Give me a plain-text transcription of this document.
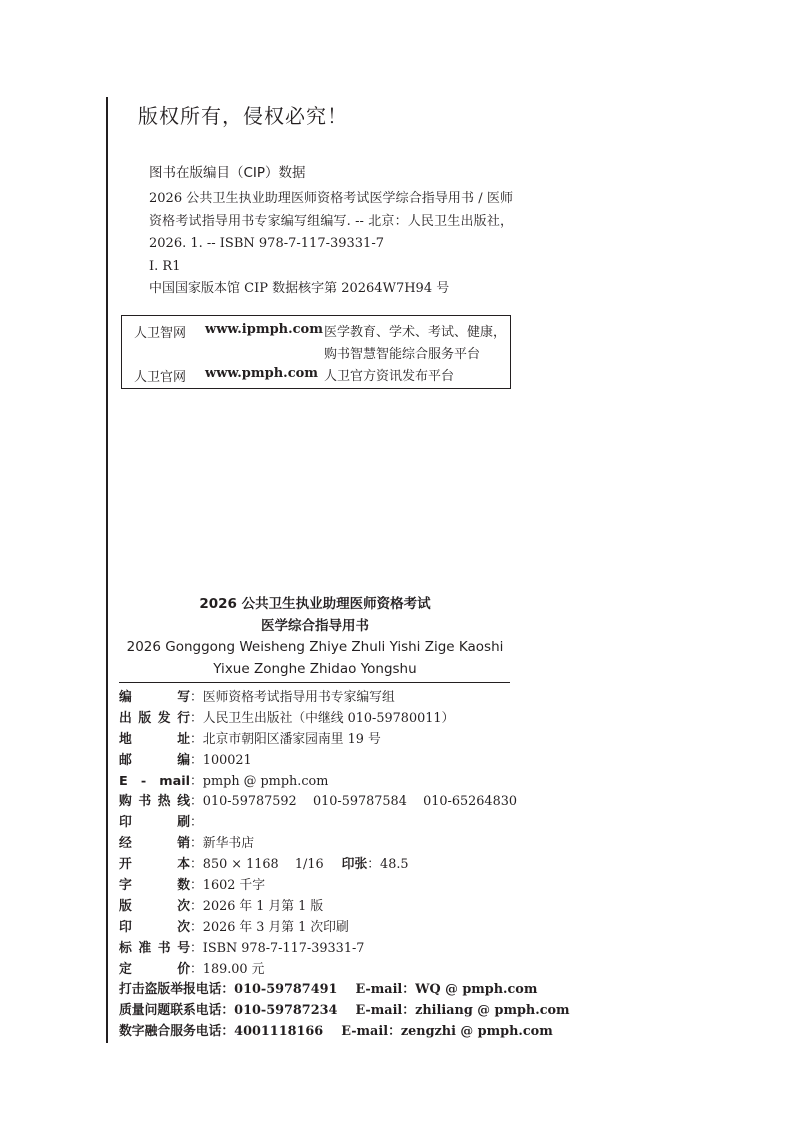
版权所有，侵权必究！
图书在版编目（CIP）数据

2026 公共卫生执业助理医师资格考试医学综合指导用书 / 医师资格考试指导用书专家编写组编写. -- 北京：人民卫生出版社，2026. 1. -- ISBN 978-7-117-39331-7

Ⅰ. R1

中国国家版本馆 CIP 数据核字第 20264W7H94 号

人卫智网 www.ipmph.com 医学教育、学术、考试、健康，购书智慧智能综合服务平台
人卫官网 www.pmph.com 人卫官方资讯发布平台

2026 公共卫生执业助理医师资格考试

医学综合指导用书

2026 Gonggong Weisheng Zhiye Zhuli Yishi Zige Kaoshi

Yixue Zonghe Zhidao Yongshu

编写：医师资格考试指导用书专家编写组
出版发行：人民卫生出版社（中继线 010-59780011）
地址：北京市朝阳区潘家园南里 19 号
邮编：100021
E - mail：pmph @ pmph.com
购书热线：010-59787592    010-59787584    010-65264830
印刷：
经销：新华书店
开本：850 × 1168    1/16 印张：48.5
字数：1602 千字
版次：2026 年 1 月第 1 版
印次：2026 年 3 月第 1 次印刷
标准书号：ISBN 978-7-117-39331-7
定价：189.00 元
打击盗版举报电话：010-59787491 E-mail：WQ @ pmph.com
质量问题联系电话：010-59787234 E-mail：zhiliang @ pmph.com
数字融合服务电话：4001118166 E-mail：zengzhi @ pmph.com
